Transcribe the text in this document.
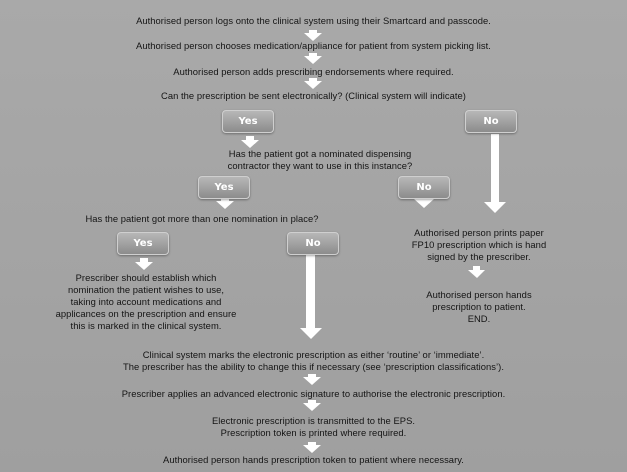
Authorised person logs onto the clinical system using their Smartcard and passcode.
Authorised person chooses medication/appliance for patient from system picking list.
Authorised person adds prescribing endorsements where required.
Can the prescription be sent electronically? (Clinical system will indicate)
Yes	No
Has the patient got a nominated dispensing
contractor they want to use in this instance?
Yes	No
Has the patient got more than one nomination in place?
Yes	No
Authorised person prints paper
FP10 prescription which is hand
signed by the prescriber.
Authorised person hands
prescription to patient.
END.
Prescriber should establish which
nomination the patient wishes to use,
taking into account medications and
applicances on the prescription and ensure
this is marked in the clinical system.
Clinical system marks the electronic prescription as either ‘routine’ or ‘immediate’.
The prescriber has the ability to change this if necessary (see ‘prescription classifications’).
Prescriber applies an advanced electronic signature to authorise the electronic prescription.
Electronic prescription is transmitted to the EPS.
Prescription token is printed where required.
Authorised person hands prescription token to patient where necessary.
